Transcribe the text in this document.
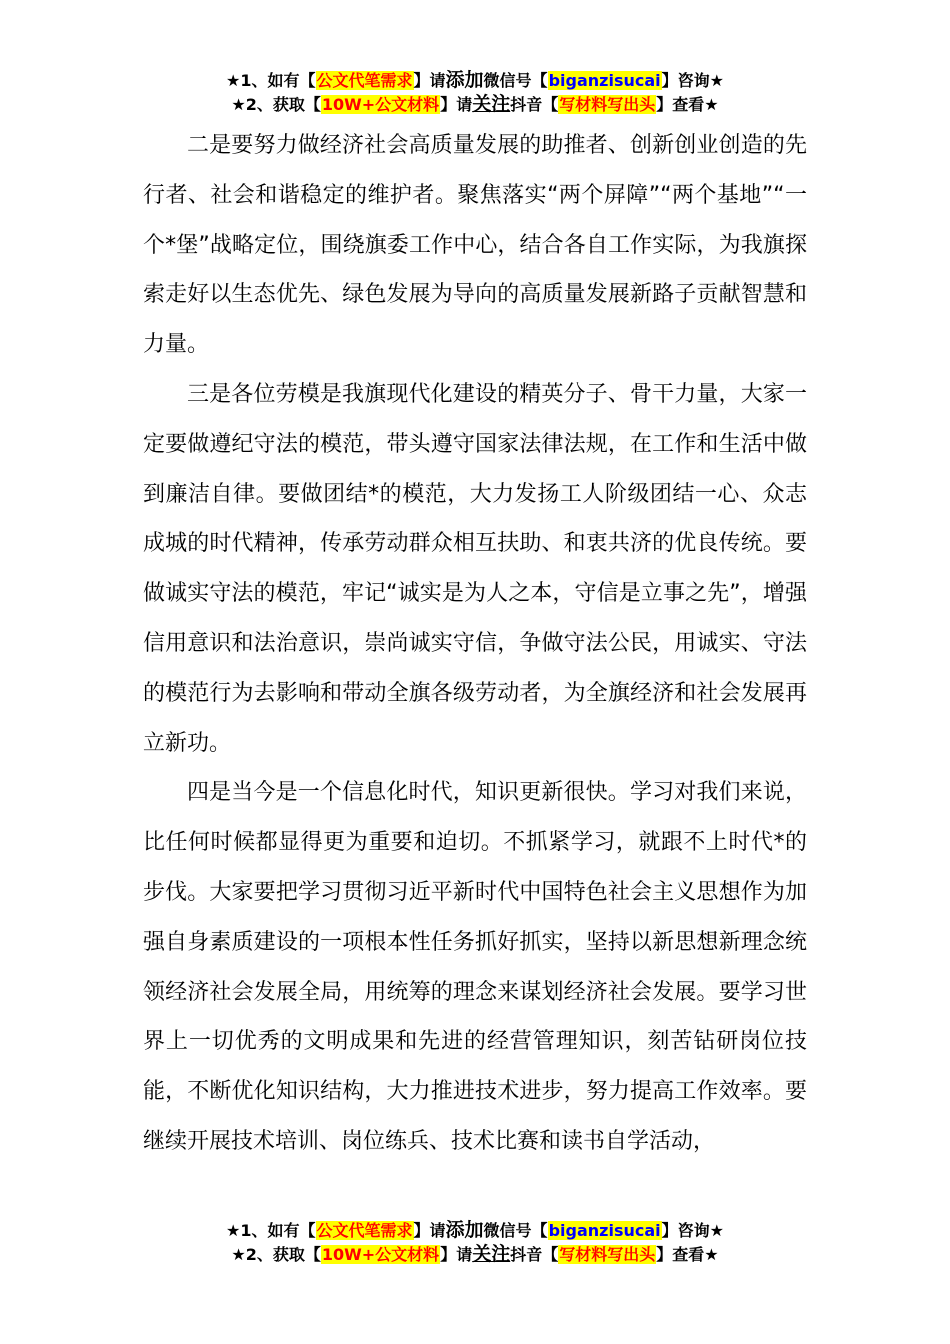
★1、如有【公文代笔需求】请添加微信号【biganzisucai】咨询★
★2、获取【10W+公文材料】请关注抖音【写材料写出头】查看★

二是要努力做经济社会高质量发展的助推者、创新创业创造的先行者、社会和谐稳定的维护者。聚焦落实“两个屏障”“两个基地”“一个*堡”战略定位，围绕旗委工作中心，结合各自工作实际，为我旗探索走好以生态优先、绿色发展为导向的高质量发展新路子贡献智慧和力量。

三是各位劳模是我旗现代化建设的精英分子、骨干力量，大家一定要做遵纪守法的模范，带头遵守国家法律法规，在工作和生活中做到廉洁自律。要做团结*的模范，大力发扬工人阶级团结一心、众志成城的时代精神，传承劳动群众相互扶助、和衷共济的优良传统。要做诚实守法的模范，牢记“诚实是为人之本，守信是立事之先”，增强信用意识和法治意识，崇尚诚实守信，争做守法公民，用诚实、守法的模范行为去影响和带动全旗各级劳动者，为全旗经济和社会发展再立新功。

四是当今是一个信息化时代，知识更新很快。学习对我们来说，比任何时候都显得更为重要和迫切。不抓紧学习，就跟不上时代*的步伐。大家要把学习贯彻习近平新时代中国特色社会主义思想作为加强自身素质建设的一项根本性任务抓好抓实，坚持以新思想新理念统领经济社会发展全局，用统筹的理念来谋划经济社会发展。要学习世界上一切优秀的文明成果和先进的经营管理知识，刻苦钻研岗位技能，不断优化知识结构，大力推进技术进步，努力提高工作效率。要继续开展技术培训、岗位练兵、技术比赛和读书自学活动，

★1、如有【公文代笔需求】请添加微信号【biganzisucai】咨询★
★2、获取【10W+公文材料】请关注抖音【写材料写出头】查看★
